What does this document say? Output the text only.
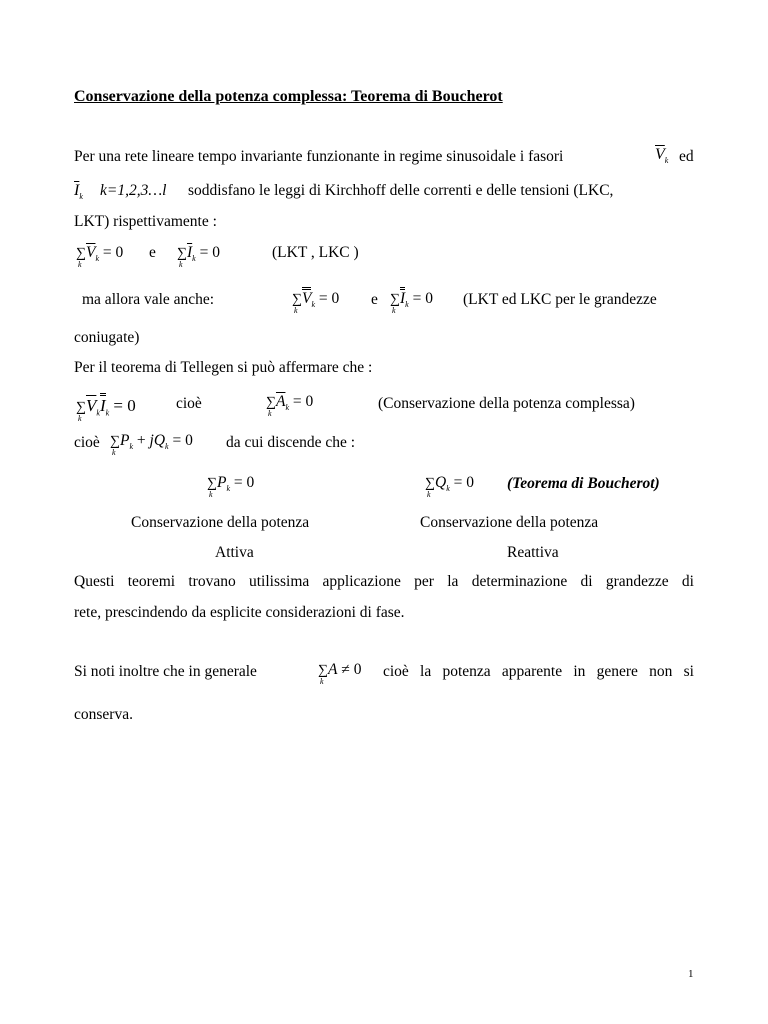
Conservazione della potenza complessa: Teorema di Boucherot
Per una rete lineare tempo invariante funzionante in regime sinusoidale i fasori	$\overline{V}_k$ ed
$\overline{I}_k$ k=1,2,3…l soddisfano le leggi di Kirchhoff delle correnti e delle tensioni (LKC,
LKT) rispettivamente :
∑
k
$\overline{V}_k = 0$ e ∑
k
$\overline{I}_k = 0$	(LKT , LKC )
ma allora vale anche:	∑
k
$V_k = 0$ e ∑
k
$I_k = 0$ (LKT ed LKC per le grandezze
coniugate)
Per il teorema di Tellegen si può affermare che :
∑
k
$\overline{V}_kI_k = 0$	cioè	∑
k
$\overline{A}_k = 0$	(Conservazione della potenza complessa)
cioè ∑
k
$P_k + jQ_k = 0$ da cui discende che :
∑
k
$P_k = 0$	∑
k
$Q_k = 0$ (Teorema di Boucherot)
Conservazione della potenza	Conservazione della potenza
Attiva	Reattiva
Questi teoremi trovano utilissima applicazione per la determinazione di grandezze di
rete, prescindendo da esplicite considerazioni di fase.
Si noti inoltre che in generale	∑
k
A ≠ 0 cioè la potenza apparente in genere non si
conserva.
1
